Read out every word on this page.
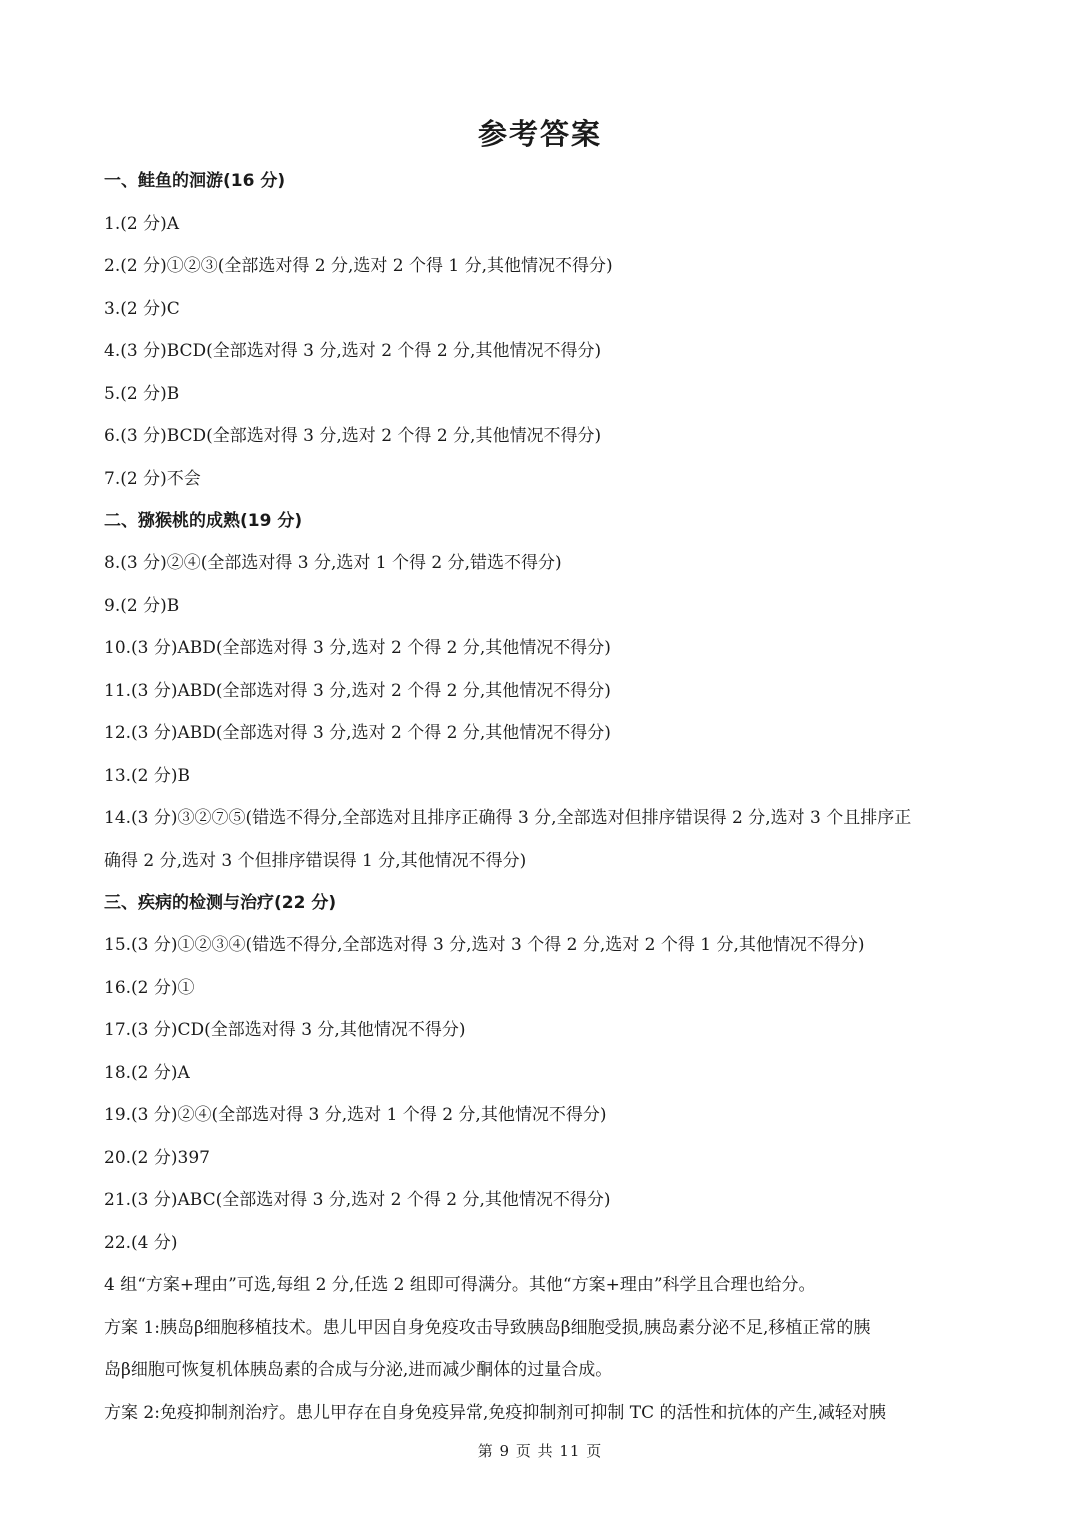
参考答案
一、鲑鱼的洄游(16 分)
1.(2 分)A
2.(2 分)①②③(全部选对得 2 分,选对 2 个得 1 分,其他情况不得分)
3.(2 分)C
4.(3 分)BCD(全部选对得 3 分,选对 2 个得 2 分,其他情况不得分)
5.(2 分)B
6.(3 分)BCD(全部选对得 3 分,选对 2 个得 2 分,其他情况不得分)
7.(2 分)不会
二、猕猴桃的成熟(19 分)
8.(3 分)②④(全部选对得 3 分,选对 1 个得 2 分,错选不得分)
9.(2 分)B
10.(3 分)ABD(全部选对得 3 分,选对 2 个得 2 分,其他情况不得分)
11.(3 分)ABD(全部选对得 3 分,选对 2 个得 2 分,其他情况不得分)
12.(3 分)ABD(全部选对得 3 分,选对 2 个得 2 分,其他情况不得分)
13.(2 分)B
14.(3 分)③②⑦⑤(错选不得分,全部选对且排序正确得 3 分,全部选对但排序错误得 2 分,选对 3 个且排序正
确得 2 分,选对 3 个但排序错误得 1 分,其他情况不得分)
三、疾病的检测与治疗(22 分)
15.(3 分)①②③④(错选不得分,全部选对得 3 分,选对 3 个得 2 分,选对 2 个得 1 分,其他情况不得分)
16.(2 分)①
17.(3 分)CD(全部选对得 3 分,其他情况不得分)
18.(2 分)A
19.(3 分)②④(全部选对得 3 分,选对 1 个得 2 分,其他情况不得分)
20.(2 分)397
21.(3 分)ABC(全部选对得 3 分,选对 2 个得 2 分,其他情况不得分)
22.(4 分)
4 组“方案+理由”可选,每组 2 分,任选 2 组即可得满分。其他“方案+理由”科学且合理也给分。
方案 1:胰岛β细胞移植技术。患儿甲因自身免疫攻击导致胰岛β细胞受损,胰岛素分泌不足,移植正常的胰
岛β细胞可恢复机体胰岛素的合成与分泌,进而减少酮体的过量合成。
方案 2:免疫抑制剂治疗。患儿甲存在自身免疫异常,免疫抑制剂可抑制 TC 的活性和抗体的产生,减轻对胰
第 9 页 共 11 页
